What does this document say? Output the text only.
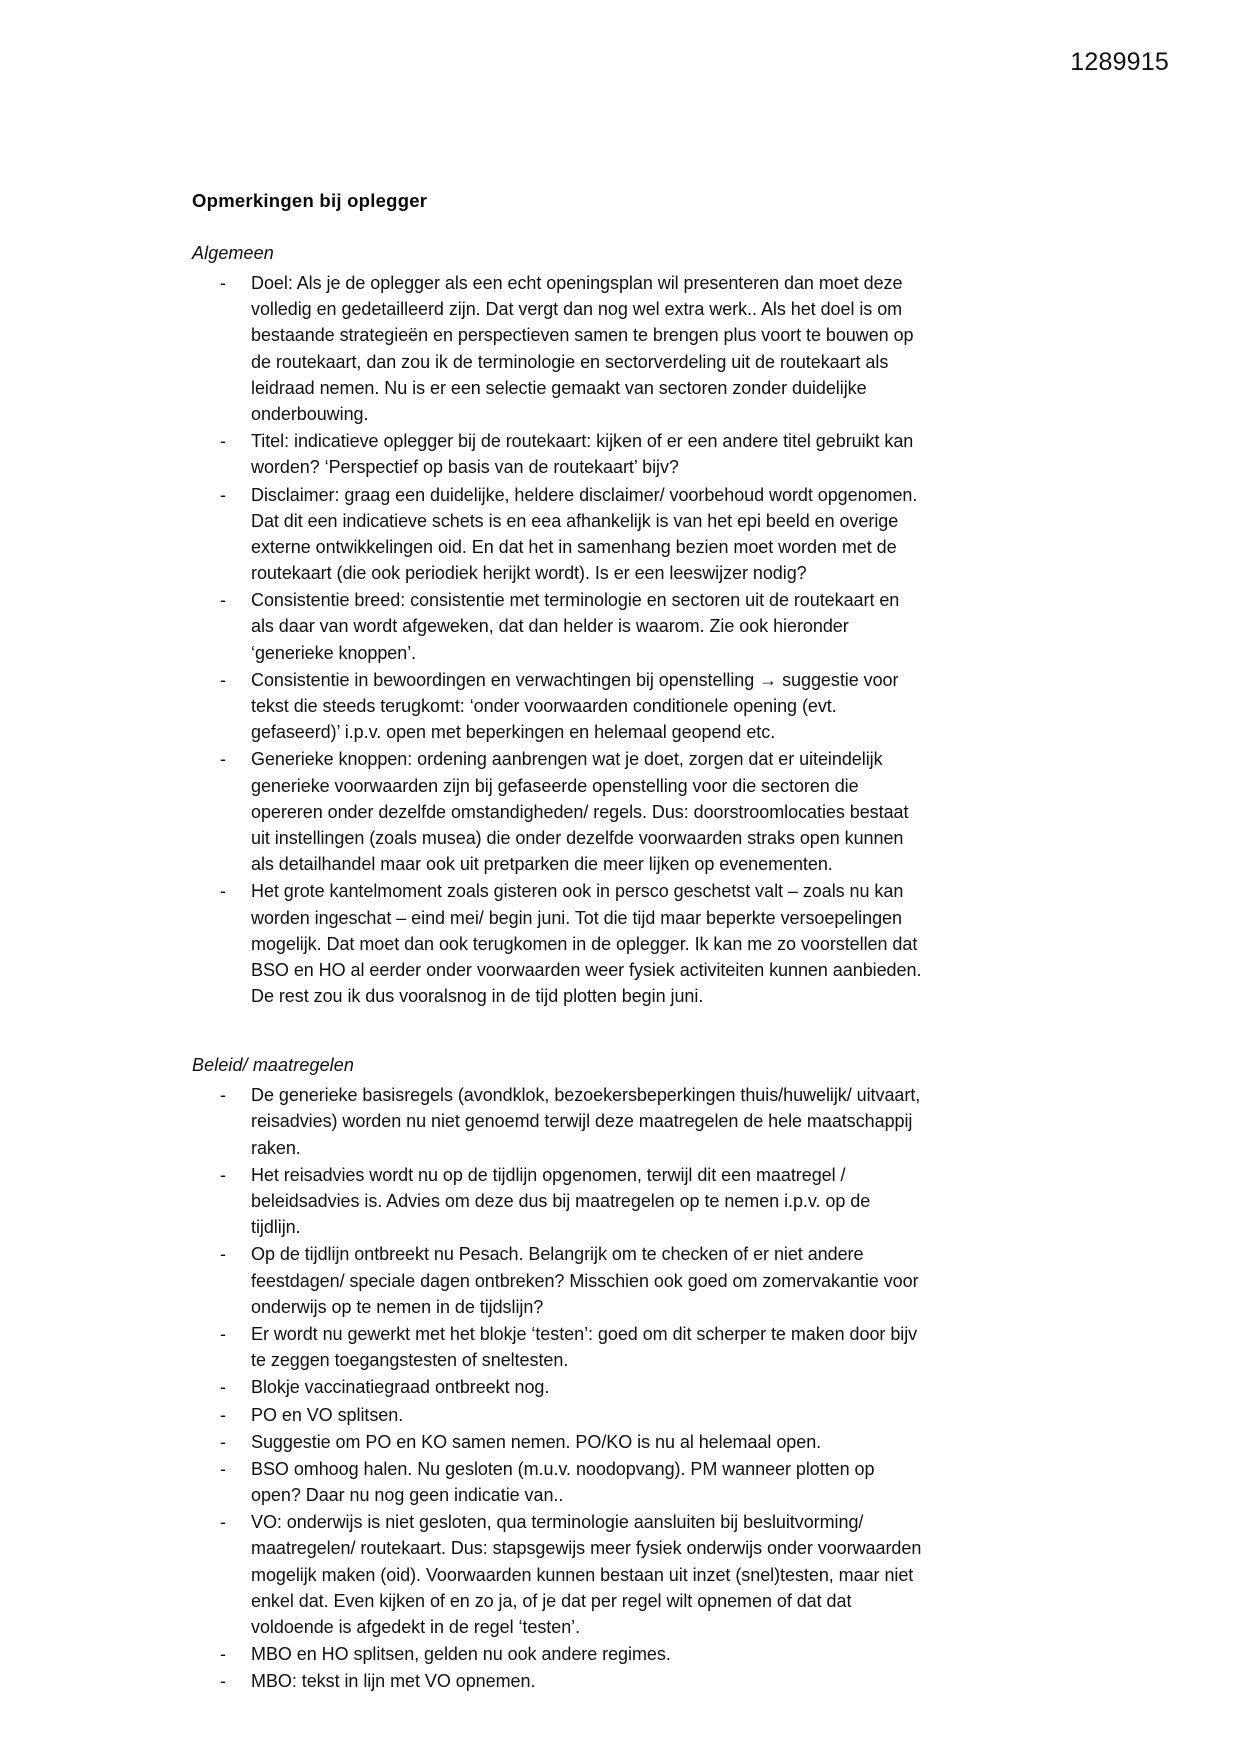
1289915
Opmerkingen bij oplegger
Algemeen
-	Doel: Als je de oplegger als een echt openingsplan wil presenteren dan moet deze volledig en gedetailleerd zijn. Dat vergt dan nog wel extra werk.. Als het doel is om bestaande strategieën en perspectieven samen te brengen plus voort te bouwen op de routekaart, dan zou ik de terminologie en sectorverdeling uit de routekaart als leidraad nemen. Nu is er een selectie gemaakt van sectoren zonder duidelijke onderbouwing.
-	Titel: indicatieve oplegger bij de routekaart: kijken of er een andere titel gebruikt kan worden? ‘Perspectief op basis van de routekaart’ bijv?
-	Disclaimer: graag een duidelijke, heldere disclaimer/ voorbehoud wordt opgenomen. Dat dit een indicatieve schets is en eea afhankelijk is van het epi beeld en overige externe ontwikkelingen oid. En dat het in samenhang bezien moet worden met de routekaart (die ook periodiek herijkt wordt). Is er een leeswijzer nodig?
-	Consistentie breed: consistentie met terminologie en sectoren uit de routekaart en als daar van wordt afgeweken, dat dan helder is waarom. Zie ook hieronder ‘generieke knoppen’.
-	Consistentie in bewoordingen en verwachtingen bij openstelling → suggestie voor tekst die steeds terugkomt: ‘onder voorwaarden conditionele opening (evt. gefaseerd)’ i.p.v. open met beperkingen en helemaal geopend etc.
-	Generieke knoppen: ordening aanbrengen wat je doet, zorgen dat er uiteindelijk generieke voorwaarden zijn bij gefaseerde openstelling voor die sectoren die opereren onder dezelfde omstandigheden/ regels. Dus: doorstroomlocaties bestaat uit instellingen (zoals musea) die onder dezelfde voorwaarden straks open kunnen als detailhandel maar ook uit pretparken die meer lijken op evenementen.
-	Het grote kantelmoment zoals gisteren ook in persco geschetst valt – zoals nu kan worden ingeschat – eind mei/ begin juni. Tot die tijd maar beperkte versoepelingen mogelijk. Dat moet dan ook terugkomen in de oplegger. Ik kan me zo voorstellen dat BSO en HO al eerder onder voorwaarden weer fysiek activiteiten kunnen aanbieden. De rest zou ik dus vooralsnog in de tijd plotten begin juni.
Beleid/ maatregelen
-	De generieke basisregels (avondklok, bezoekersbeperkingen thuis/huwelijk/ uitvaart, reisadvies) worden nu niet genoemd terwijl deze maatregelen de hele maatschappij raken.
-	Het reisadvies wordt nu op de tijdlijn opgenomen, terwijl dit een maatregel / beleidsadvies is. Advies om deze dus bij maatregelen op te nemen i.p.v. op de tijdlijn.
-	Op de tijdlijn ontbreekt nu Pesach. Belangrijk om te checken of er niet andere feestdagen/ speciale dagen ontbreken? Misschien ook goed om zomervakantie voor onderwijs op te nemen in de tijdslijn?
-	Er wordt nu gewerkt met het blokje ‘testen’: goed om dit scherper te maken door bijv te zeggen toegangstesten of sneltesten.
-	Blokje vaccinatiegraad ontbreekt nog.
-	PO en VO splitsen.
-	Suggestie om PO en KO samen nemen. PO/KO is nu al helemaal open.
-	BSO omhoog halen. Nu gesloten (m.u.v. noodopvang). PM wanneer plotten op open? Daar nu nog geen indicatie van..
-	VO: onderwijs is niet gesloten, qua terminologie aansluiten bij besluitvorming/ maatregelen/ routekaart. Dus: stapsgewijs meer fysiek onderwijs onder voorwaarden mogelijk maken (oid). Voorwaarden kunnen bestaan uit inzet (snel)testen, maar niet enkel dat. Even kijken of en zo ja, of je dat per regel wilt opnemen of dat dat voldoende is afgedekt in de regel ‘testen’.
-	MBO en HO splitsen, gelden nu ook andere regimes.
-	MBO: tekst in lijn met VO opnemen.
